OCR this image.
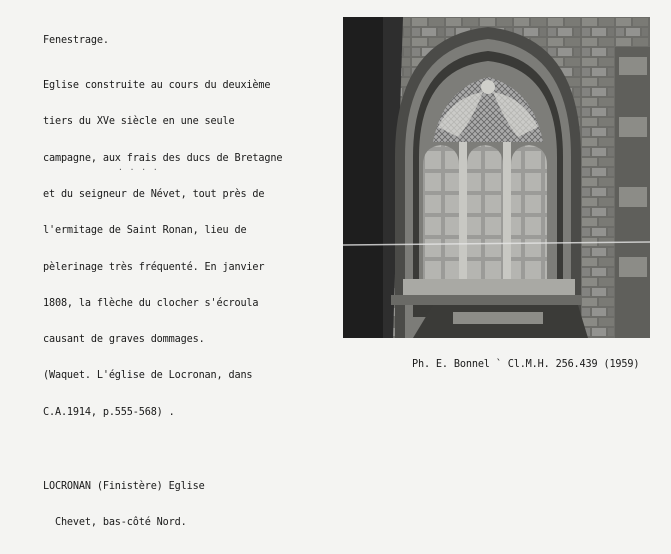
Fenestrage.

Eglise construite au cours du deuxième

tiers du XVe siècle en une seule

campagne, aux frais des ducs de Bretagne

et du seigneur de Névet, tout près de

l'ermitage de Saint Ronan, lieu de

pèlerinage très fréquenté. En janvier

1808, la flèche du clocher s'écroula

causant de graves dommages.

(Waquet. L'église de Locronan, dans

C.A.1914, p.555-568) .

· · · ·
Ph. E. Bonnel ` Cl.M.H. 256.439 (1959)

LOCRONAN (Finistère) Eglise

Chevet, bas-côté Nord.
